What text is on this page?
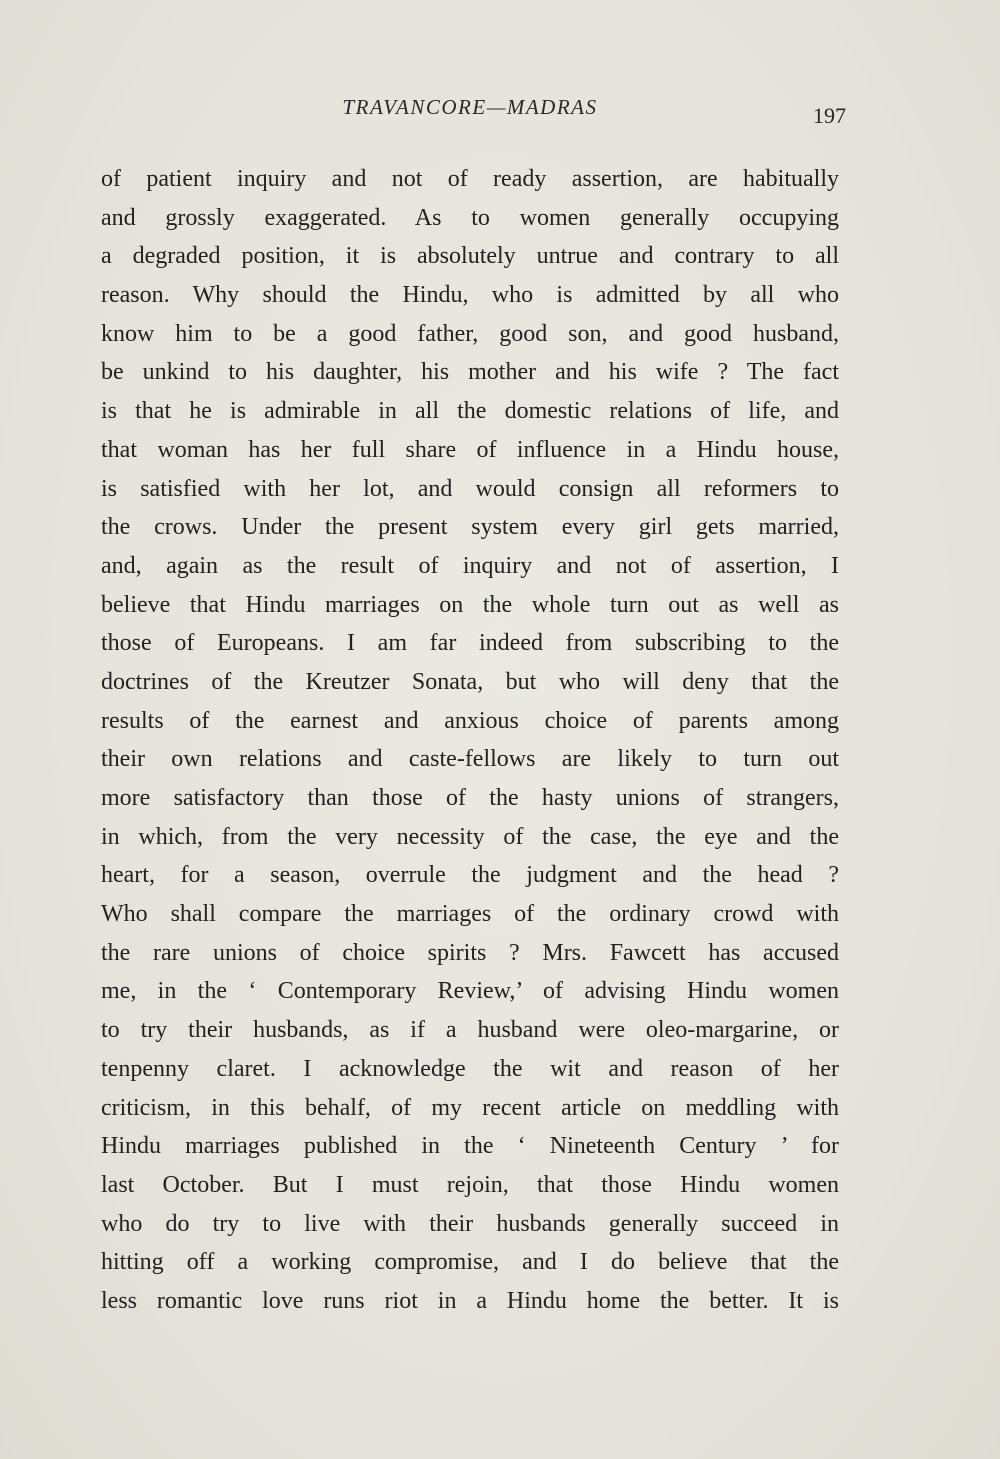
TRAVANCORE—MADRAS	197
of patient inquiry and not of ready assertion, are habitually
and grossly exaggerated. As to women generally occupying
a degraded position, it is absolutely untrue and contrary to all
reason. Why should the Hindu, who is admitted by all who
know him to be a good father, good son, and good husband,
be unkind to his daughter, his mother and his wife ? The fact
is that he is admirable in all the domestic relations of life, and
that woman has her full share of influence in a Hindu house,
is satisfied with her lot, and would consign all reformers to
the crows. Under the present system every girl gets married,
and, again as the result of inquiry and not of assertion, I
believe that Hindu marriages on the whole turn out as well as
those of Europeans. I am far indeed from subscribing to the
doctrines of the Kreutzer Sonata, but who will deny that the
results of the earnest and anxious choice of parents among
their own relations and caste-fellows are likely to turn out
more satisfactory than those of the hasty unions of strangers,
in which, from the very necessity of the case, the eye and the
heart, for a season, overrule the judgment and the head ?
Who shall compare the marriages of the ordinary crowd with
the rare unions of choice spirits ? Mrs. Fawcett has accused
me, in the ‘ Contemporary Review,’ of advising Hindu women
to try their husbands, as if a husband were oleo-margarine, or
tenpenny claret. I acknowledge the wit and reason of her
criticism, in this behalf, of my recent article on meddling with
Hindu marriages published in the ‘ Nineteenth Century ’ for
last October. But I must rejoin, that those Hindu women
who do try to live with their husbands generally succeed in
hitting off a working compromise, and I do believe that the
less romantic love runs riot in a Hindu home the better. It is
